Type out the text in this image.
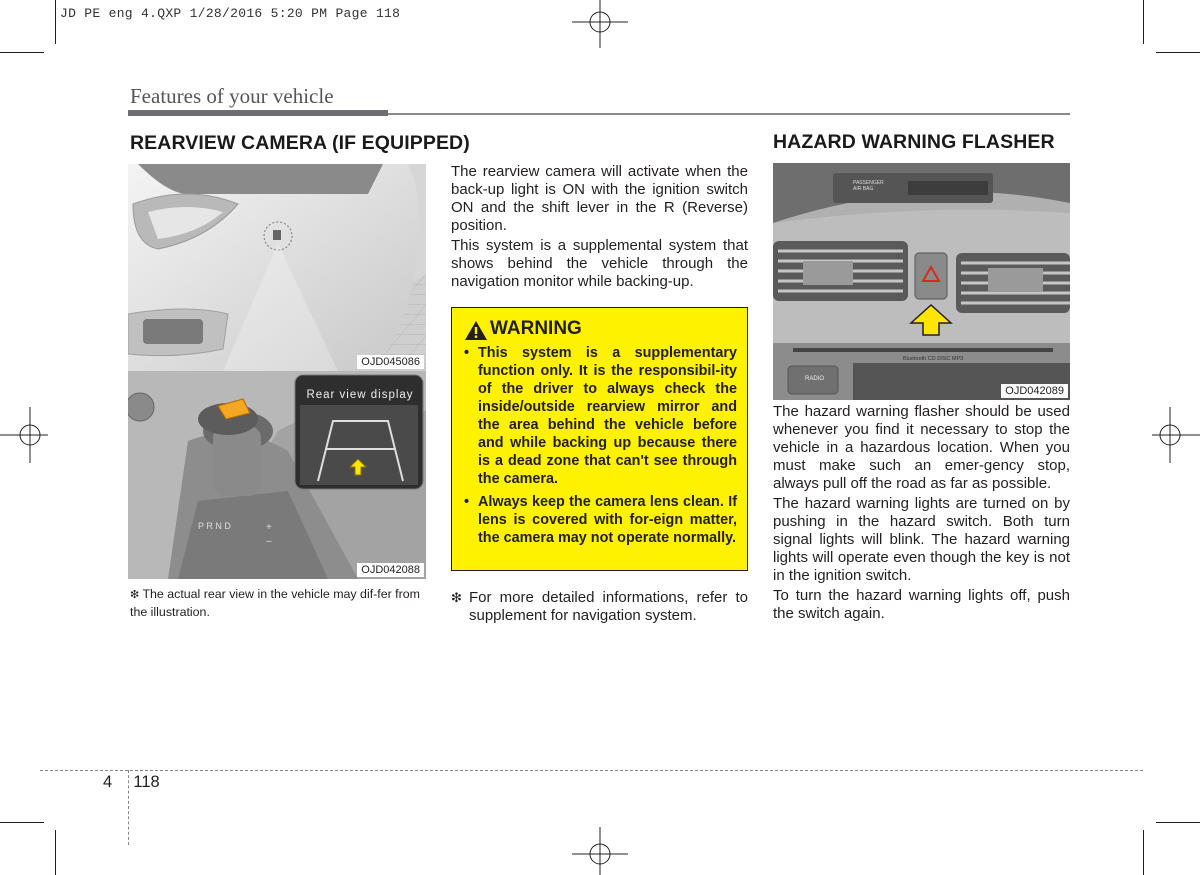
JD PE eng 4.QXP 1/28/2016 5:20 PM Page 118
Features of your vehicle
REARVIEW CAMERA (IF EQUIPPED)
OJD045086
Rear view display
P R N D	+
–
OJD042088
❇ The actual rear view in the vehicle may dif-fer from the illustration.

The rearview camera will activate when the back-up light is ON with the ignition switch ON and the shift lever in the R (Reverse) position.

This system is a supplemental system that shows behind the vehicle through the navigation monitor while backing-up.

WARNING
• This system is a supplementary function only. It is the responsibil-ity of the driver to always check the inside/outside rearview mirror and the area behind the vehicle before and while backing up because there is a dead zone that can't see through the camera.
• Always keep the camera lens clean. If lens is covered with for-eign matter, the camera may not operate normally.
❇ For more detailed informations, refer to supplement for navigation system.
HAZARD WARNING FLASHER
PASSENGER AIR BAG
Bluetooth CD DISC MP3
RADIO
OJD042089

The hazard warning flasher should be used whenever you find it necessary to stop the vehicle in a hazardous location. When you must make such an emer-gency stop, always pull off the road as far as possible.

The hazard warning lights are turned on by pushing in the hazard switch. Both turn signal lights will blink. The hazard warning lights will operate even though the key is not in the ignition switch.

To turn the hazard warning lights off, push the switch again.

4 118
